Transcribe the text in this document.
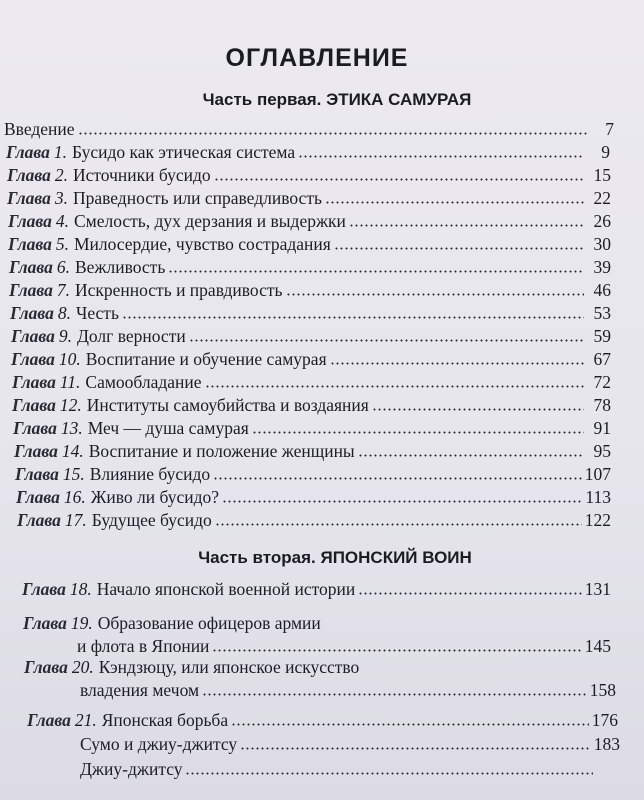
ОГЛАВЛЕНИЕ
Часть первая. ЭТИКА САМУРАЯ
Введение	7
Глава 1. Бусидо как этическая система	9
Глава 2. Источники бусидо	15
Глава 3. Праведность или справедливость	22
Глава 4. Смелость, дух дерзания и выдержки	26
Глава 5. Милосердие, чувство сострадания	30
Глава 6. Вежливость	39
Глава 7. Искренность и правдивость	46
Глава 8. Честь	53
Глава 9. Долг верности	59
Глава 10. Воспитание и обучение самурая	67
Глава 11. Самообладание	72
Глава 12. Институты самоубийства и воздаяния	78
Глава 13. Меч — душа самурая	91
Глава 14. Воспитание и положение женщины	95
Глава 15. Влияние бусидо	107
Глава 16. Живо ли бусидо?	113
Глава 17. Будущее бусидо	122
Часть вторая. ЯПОНСКИЙ ВОИН
Глава 18. Начало японской военной истории	131
Глава 19. Образование офицеров армии
и флота в Японии	145
Глава 20. Кэндзюцу, или японское искусство
владения мечом	158
Глава 21. Японская борьба	176
Сумо и джиу-джитсу	183
Джиу-джитсу
